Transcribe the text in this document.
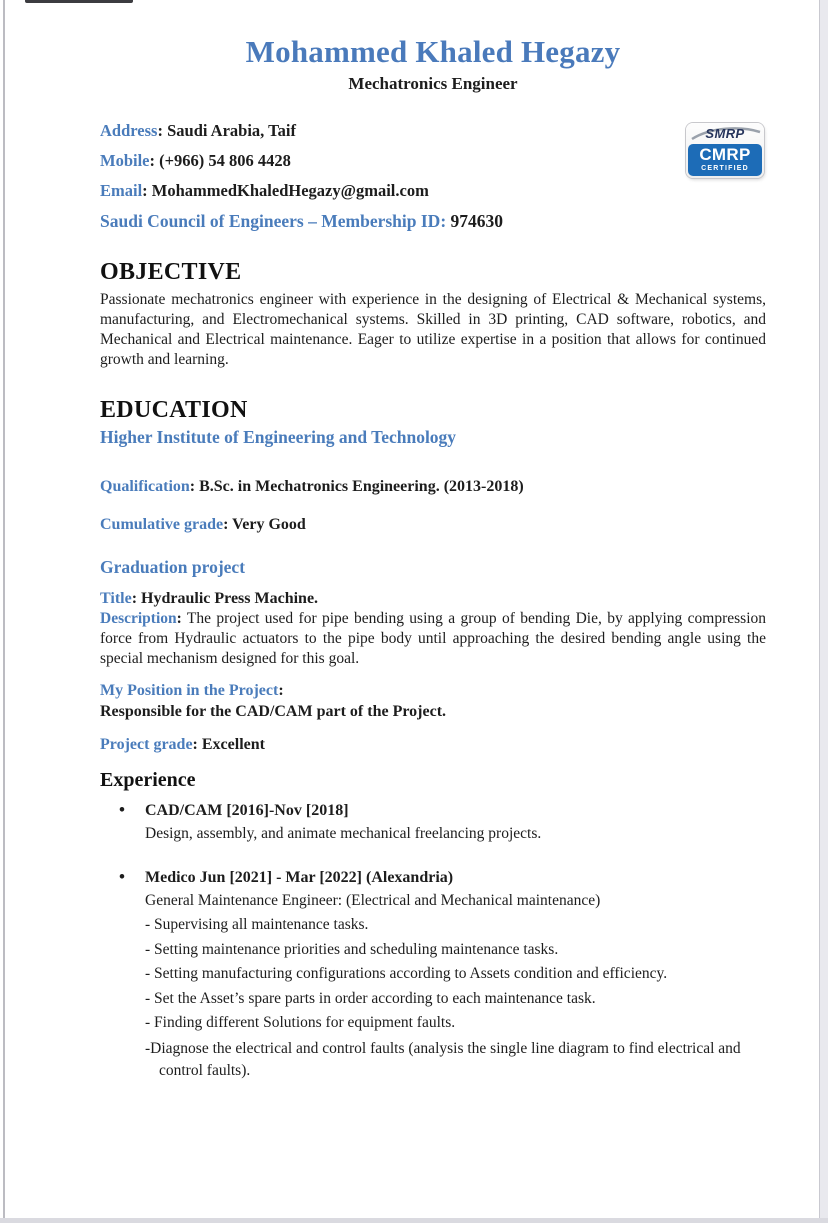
Mohammed Khaled Hegazy
Mechatronics Engineer
Address: Saudi Arabia, Taif
Mobile: (+966) 54 806 4428
Email: MohammedKhaledHegazy@gmail.com
Saudi Council of Engineers – Membership ID: 974630
SMRP
CMRP
CERTIFIED
OBJECTIVE
Passionate mechatronics engineer with experience in the designing of Electrical & Mechanical systems, manufacturing, and Electromechanical systems. Skilled in 3D printing, CAD software, robotics, and Mechanical and Electrical maintenance. Eager to utilize expertise in a position that allows for continued growth and learning.
EDUCATION
Higher Institute of Engineering and Technology
Qualification: B.Sc. in Mechatronics Engineering. (2013-2018)
Cumulative grade: Very Good
Graduation project
Title: Hydraulic Press Machine.
Description: The project used for pipe bending using a group of bending Die, by applying compression force from Hydraulic actuators to the pipe body until approaching the desired bending angle using the special mechanism designed for this goal.
My Position in the Project:
Responsible for the CAD/CAM part of the Project.
Project grade: Excellent
Experience
• CAD/CAM [2016]-Nov [2018]
Design, assembly, and animate mechanical freelancing projects.
• Medico Jun [2021] - Mar [2022] (Alexandria)
General Maintenance Engineer: (Electrical and Mechanical maintenance)
- Supervising all maintenance tasks.
- Setting maintenance priorities and scheduling maintenance tasks.
- Setting manufacturing configurations according to Assets condition and efficiency.
- Set the Asset’s spare parts in order according to each maintenance task.
- Finding different Solutions for equipment faults.
-Diagnose the electrical and control faults (analysis the single line diagram to find electrical and control faults).
